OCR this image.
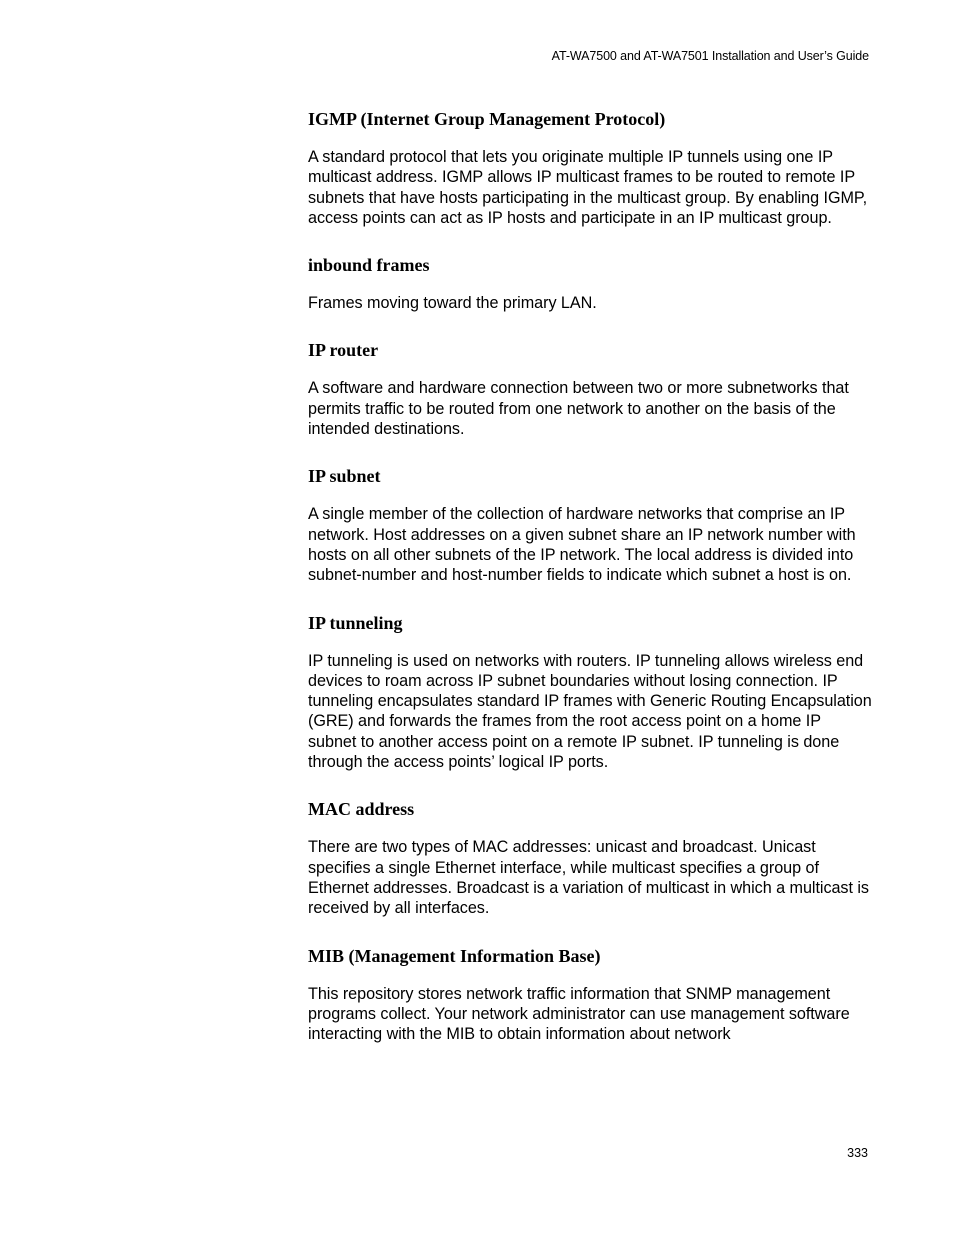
AT-WA7500 and AT-WA7501 Installation and User’s Guide
IGMP (Internet Group Management Protocol)

A standard protocol that lets you originate multiple IP tunnels using one IP multicast address. IGMP allows IP multicast frames to be routed to remote IP subnets that have hosts participating in the multicast group. By enabling IGMP, access points can act as IP hosts and participate in an IP multicast group.

inbound frames

Frames moving toward the primary LAN.

IP router

A software and hardware connection between two or more subnetworks that permits traffic to be routed from one network to another on the basis of the intended destinations.

IP subnet

A single member of the collection of hardware networks that comprise an IP network. Host addresses on a given subnet share an IP network number with hosts on all other subnets of the IP network. The local address is divided into subnet-number and host-number fields to indicate which subnet a host is on.

IP tunneling

IP tunneling is used on networks with routers. IP tunneling allows wireless end devices to roam across IP subnet boundaries without losing connection. IP tunneling encapsulates standard IP frames with Generic Routing Encapsulation (GRE) and forwards the frames from the root access point on a home IP subnet to another access point on a remote IP subnet. IP tunneling is done through the access points’ logical IP ports.

MAC address

There are two types of MAC addresses: unicast and broadcast. Unicast specifies a single Ethernet interface, while multicast specifies a group of Ethernet addresses. Broadcast is a variation of multicast in which a multicast is received by all interfaces.

MIB (Management Information Base)

This repository stores network traffic information that SNMP management programs collect. Your network administrator can use management software interacting with the MIB to obtain information about network

333
